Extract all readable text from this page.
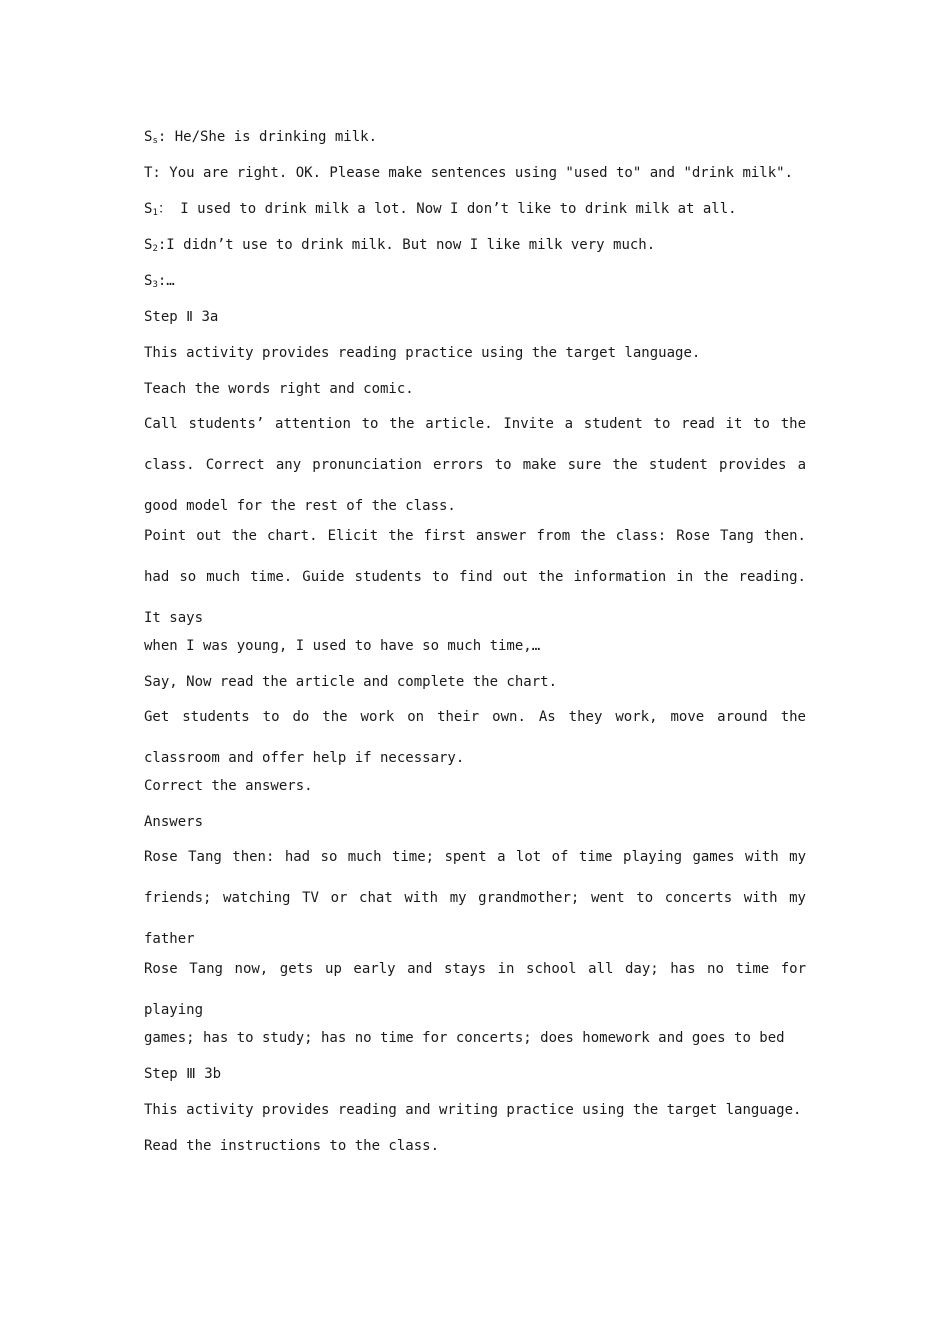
$S_s$: He/She is drinking milk.

T: You are right. OK. Please make sentences using "used to" and "drink milk".

$S_1$： I used to drink milk a lot. Now I don’t like to drink milk at all.

$S_2:I$ didn’t use to drink milk. But now I like milk very much.

$S_3:\dots$

Step Ⅱ 3a

This activity provides reading practice using the target language.

Teach the words right and comic.

Call students’ attention to the article. Invite a student to read it to the class. Correct any pronunciation errors to make sure the student provides a good model for the rest of the class.

Point out the chart. Elicit the first answer from the class: Rose Tang then. had so much time. Guide students to find out the information in the reading. It says

when I was young, I used to have so much time,…

Say, Now read the article and complete the chart.

Get students to do the work on their own. As they work, move around the classroom and offer help if necessary.

Correct the answers.

Answers

Rose Tang then: had so much time; spent a lot of time playing games with my friends; watching TV or chat with my grandmother; went to concerts with my father

Rose Tang now, gets up early and stays in school all day; has no time for playing

games; has to study; has no time for concerts; does homework and goes to bed

Step Ⅲ 3b

This activity provides reading and writing practice using the target language.

Read the instructions to the class.
